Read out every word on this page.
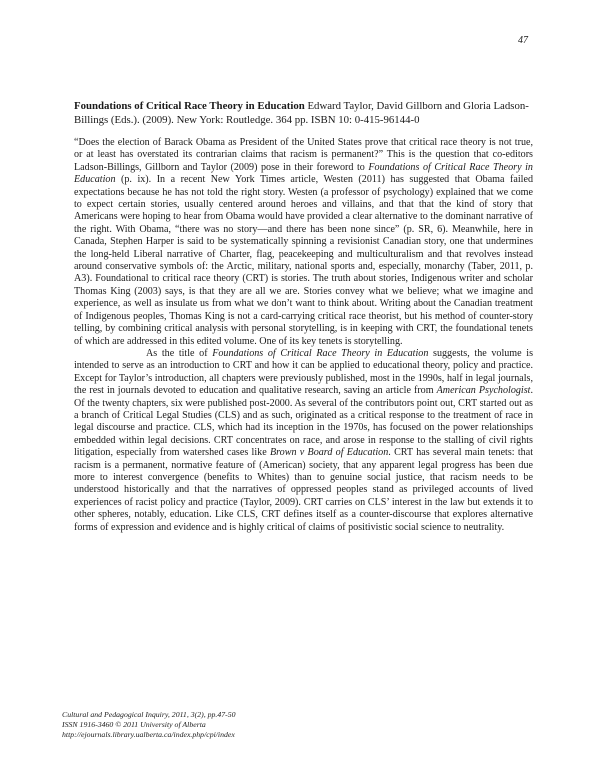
47
Foundations of Critical Race Theory in Education Edward Taylor, David Gillborn and Gloria Ladson-Billings (Eds.). (2009). New York: Routledge. 364 pp. ISBN 10: 0-415-96144-0

“Does the election of Barack Obama as President of the United States prove that critical race theory is not true, or at least has overstated its contrarian claims that racism is permanent?” This is the question that co-editors Ladson-Billings, Gillborn and Taylor (2009) pose in their foreword to Foundations of Critical Race Theory in Education (p. ix). In a recent New York Times article, Westen (2011) has suggested that Obama failed expectations because he has not told the right story. Westen (a professor of psychology) explained that we come to expect certain stories, usually centered around heroes and villains, and that that the kind of story that Americans were hoping to hear from Obama would have provided a clear alternative to the dominant narrative of the right. With Obama, “there was no story—and there has been none since” (p. SR, 6). Meanwhile, here in Canada, Stephen Harper is said to be systematically spinning a revisionist Canadian story, one that undermines the long-held Liberal narrative of Charter, flag, peacekeeping and multiculturalism and that revolves instead around conservative symbols of: the Arctic, military, national sports and, especially, monarchy (Taber, 2011, p. A3). Foundational to critical race theory (CRT) is stories. The truth about stories, Indigenous writer and scholar Thomas King (2003) says, is that they are all we are. Stories convey what we believe; what we imagine and experience, as well as insulate us from what we don’t want to think about. Writing about the Canadian treatment of Indigenous peoples, Thomas King is not a card-carrying critical race theorist, but his method of counter-story telling, by combining critical analysis with personal storytelling, is in keeping with CRT, the foundational tenets of which are addressed in this edited volume. One of its key tenets is storytelling.

As the title of Foundations of Critical Race Theory in Education suggests, the volume is intended to serve as an introduction to CRT and how it can be applied to educational theory, policy and practice. Except for Taylor’s introduction, all chapters were previously published, most in the 1990s, half in legal journals, the rest in journals devoted to education and qualitative research, saving an article from American Psychologist. Of the twenty chapters, six were published post-2000. As several of the contributors point out, CRT started out as a branch of Critical Legal Studies (CLS) and as such, originated as a critical response to the treatment of race in legal discourse and practice. CLS, which had its inception in the 1970s, has focused on the power relationships embedded within legal decisions. CRT concentrates on race, and arose in response to the stalling of civil rights litigation, especially from watershed cases like Brown v Board of Education. CRT has several main tenets: that racism is a permanent, normative feature of (American) society, that any apparent legal progress has been due more to interest convergence (benefits to Whites) than to genuine social justice, that racism needs to be understood historically and that the narratives of oppressed peoples stand as privileged accounts of lived experiences of racist policy and practice (Taylor, 2009). CRT carries on CLS’ interest in the law but extends it to other spheres, notably, education. Like CLS, CRT defines itself as a counter-discourse that explores alternative forms of expression and evidence and is highly critical of claims of positivistic social science to neutrality.

Cultural and Pedagogical Inquiry, 2011, 3(2), pp.47-50
ISSN 1916-3460 © 2011 University of Alberta
http://ejournals.library.ualberta.ca/index.php/cpi/index
